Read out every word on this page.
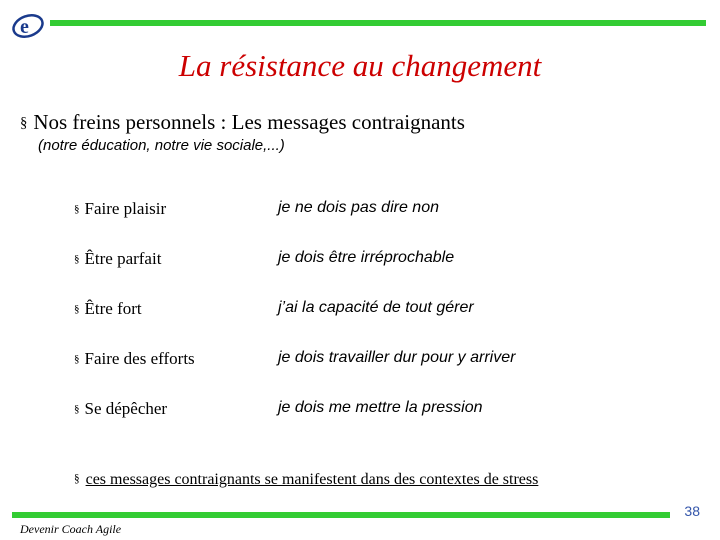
e
La résistance au changement
§ Nos freins personnels : Les messages contraignants
(notre éducation, notre vie sociale,...)
§ Faire plaisir	je ne dois pas dire non
§ Être parfait	je dois être irréprochable
§ Être fort	j’ai la capacité de tout gérer
§ Faire des efforts	je dois travailler dur pour y arriver
§ Se dépêcher	je dois me mettre la pression
§ ces messages contraignants se manifestent dans des contextes de stress
38
Devenir Coach Agile
